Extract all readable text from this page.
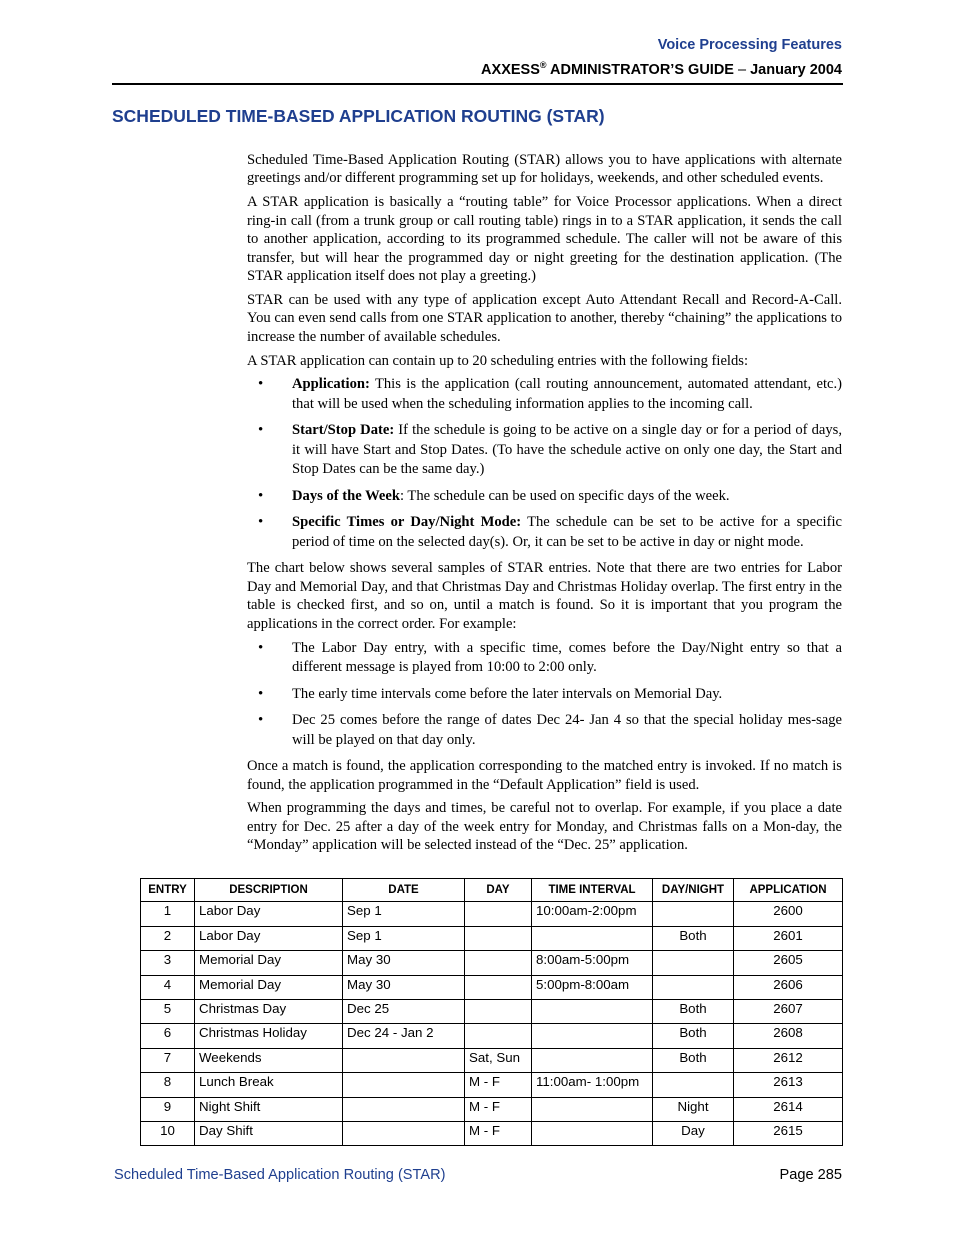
Voice Processing Features
AXXESS® ADMINISTRATOR’S GUIDE – January 2004
SCHEDULED TIME-BASED APPLICATION ROUTING (STAR)

Scheduled Time-Based Application Routing (STAR) allows you to have applications with alternate greetings and/or different programming set up for holidays, weekends, and other scheduled events.

A STAR application is basically a “routing table” for Voice Processor applications. When a direct ring-in call (from a trunk group or call routing table) rings in to a STAR application, it sends the call to another application, according to its programmed schedule. The caller will not be aware of this transfer, but will hear the programmed day or night greeting for the destination application. (The STAR application itself does not play a greeting.)

STAR can be used with any type of application except Auto Attendant Recall and Record-A-Call. You can even send calls from one STAR application to another, thereby “chaining” the applications to increase the number of available schedules.

A STAR application can contain up to 20 scheduling entries with the following fields:

• Application: This is the application (call routing announcement, automated attendant, etc.) that will be used when the scheduling information applies to the incoming call.
• Start/Stop Date: If the schedule is going to be active on a single day or for a period of days, it will have Start and Stop Dates. (To have the schedule active on only one day, the Start and Stop Dates can be the same day.)
• Days of the Week: The schedule can be used on specific days of the week.
• Specific Times or Day/Night Mode: The schedule can be set to be active for a specific period of time on the selected day(s). Or, it can be set to be active in day or night mode.

The chart below shows several samples of STAR entries. Note that there are two entries for Labor Day and Memorial Day, and that Christmas Day and Christmas Holiday overlap. The first entry in the table is checked first, and so on, until a match is found. So it is important that you program the applications in the correct order. For example:

• The Labor Day entry, with a specific time, comes before the Day/Night entry so that a different message is played from 10:00 to 2:00 only.
• The early time intervals come before the later intervals on Memorial Day.
• Dec 25 comes before the range of dates Dec 24- Jan 4 so that the special holiday mes-sage will be played on that day only.

Once a match is found, the application corresponding to the matched entry is invoked. If no match is found, the application programmed in the “Default Application” field is used.

When programming the days and times, be careful not to overlap. For example, if you place a date entry for Dec. 25 after a day of the week entry for Monday, and Christmas falls on a Mon-day, the “Monday” application will be selected instead of the “Dec. 25” application.

ENTRY	DESCRIPTION	DATE	DAY	TIME INTERVAL	DAY/NIGHT	APPLICATION
1	Labor Day	Sep 1		10:00am-2:00pm		2600
2	Labor Day	Sep 1			Both	2601
3	Memorial Day	May 30		8:00am-5:00pm		2605
4	Memorial Day	May 30		5:00pm-8:00am		2606
5	Christmas Day	Dec 25			Both	2607
6	Christmas Holiday	Dec 24 - Jan 2			Both	2608
7	Weekends		Sat, Sun		Both	2612
8	Lunch Break		M - F	11:00am- 1:00pm		2613
9	Night Shift		M - F		Night	2614
10	Day Shift		M - F		Day	2615
Scheduled Time-Based Application Routing (STAR)	Page 285
